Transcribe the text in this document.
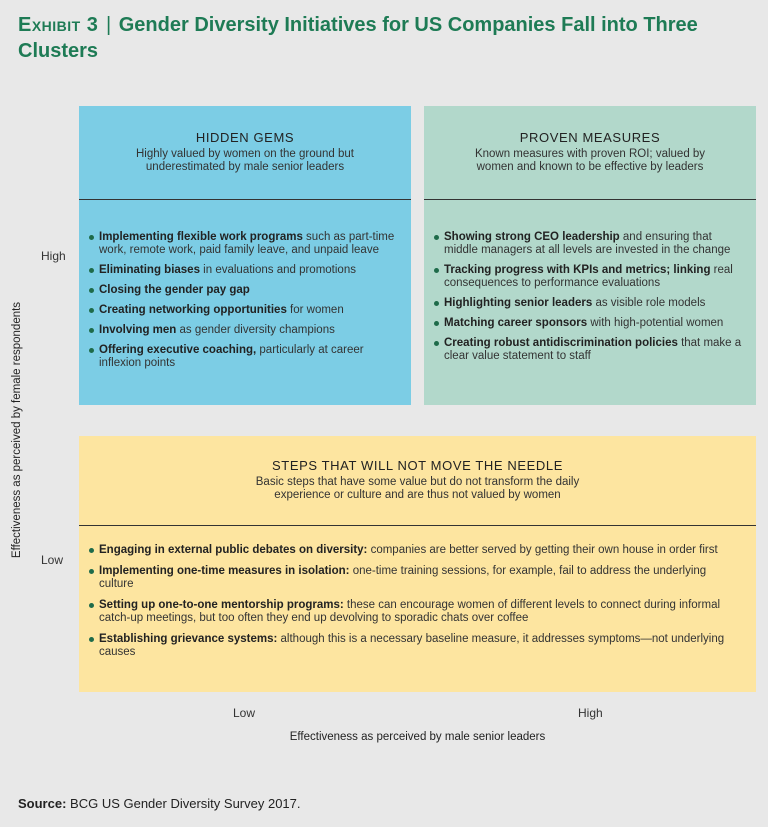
Exhibit 3 | Gender Diversity Initiatives for US Companies Fall into Three Clusters
Effectiveness as perceived by female respondents
High
Low
HIDDEN GEMS
Highly valued by women on the ground but underestimated by male senior leaders
Implementing flexible work programs such as part-time work, remote work, paid family leave, and unpaid leave
Eliminating biases in evaluations and promotions
Closing the gender pay gap
Creating networking opportunities for women
Involving men as gender diversity champions
Offering executive coaching, particularly at career inflexion points
PROVEN MEASURES
Known measures with proven ROI; valued by women and known to be effective by leaders
Showing strong CEO leadership and ensuring that middle managers at all levels are invested in the change
Tracking progress with KPIs and metrics; linking real consequences to performance evaluations
Highlighting senior leaders as visible role models
Matching career sponsors with high-potential women
Creating robust antidiscrimination policies that make a clear value statement to staff
STEPS THAT WILL NOT MOVE THE NEEDLE
Basic steps that have some value but do not transform the daily experience or culture and are thus not valued by women
Engaging in external public debates on diversity: companies are better served by getting their own house in order first
Implementing one-time measures in isolation: one-time training sessions, for example, fail to address the underlying culture
Setting up one-to-one mentorship programs: these can encourage women of different levels to connect during informal catch-up meetings, but too often they end up devolving to sporadic chats over coffee
Establishing grievance systems: although this is a necessary baseline measure, it addresses symptoms—not underlying causes
Low	High
Effectiveness as perceived by male senior leaders
Source: BCG US Gender Diversity Survey 2017.
